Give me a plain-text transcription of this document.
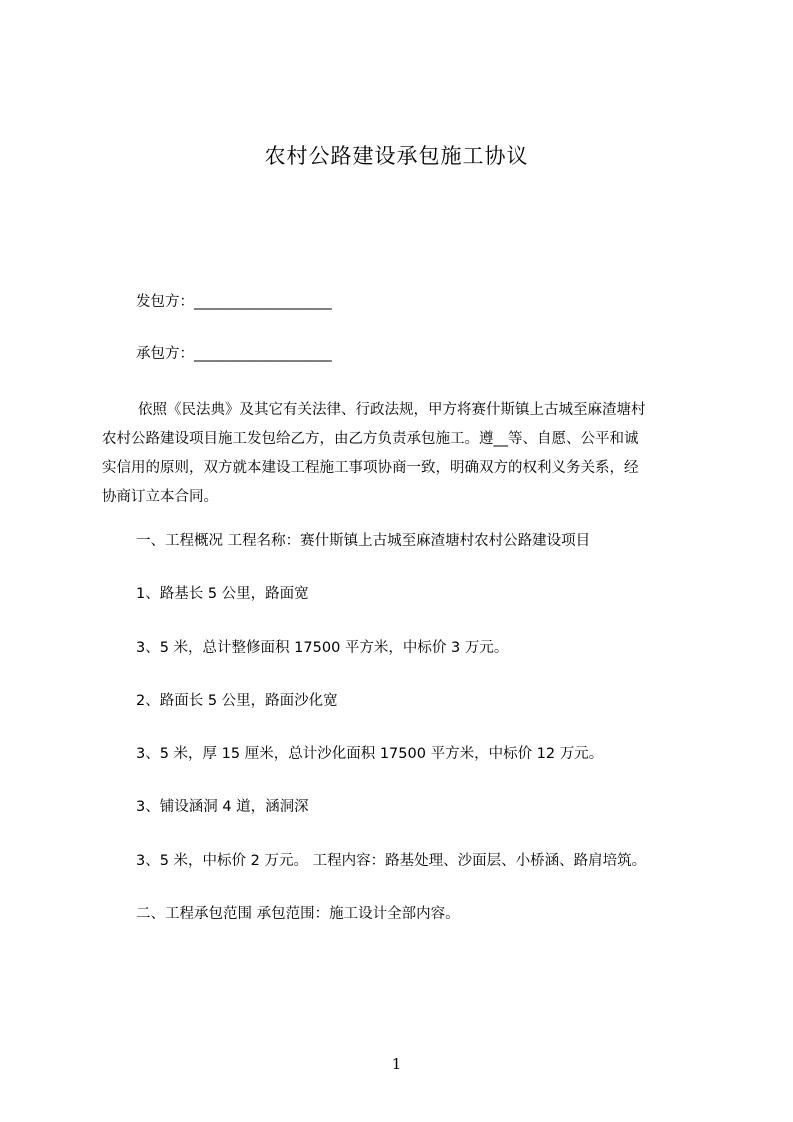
农村公路建设承包施工协议
发包方：___________________
承包方：___________________
依照《民法典》及其它有关法律、行政法规，甲方将赛什斯镇上古城至麻渣塘村
农村公路建设项目施工发包给乙方，由乙方负责承包施工。遵__等、自愿、公平和诚
实信用的原则，双方就本建设工程施工事项协商一致，明确双方的权利义务关系，经
协商订立本合同。
一、工程概况 工程名称：赛什斯镇上古城至麻渣塘村农村公路建设项目
1、路基长 5 公里，路面宽
3、5 米，总计整修面积 17500 平方米，中标价 3 万元。
2、路面长 5 公里，路面沙化宽
3、5 米，厚 15 厘米，总计沙化面积 17500 平方米，中标价 12 万元。
3、铺设涵洞 4 道，涵洞深
3、5 米，中标价 2 万元。 工程内容：路基处理、沙面层、小桥涵、路肩培筑。
二、工程承包范围 承包范围：施工设计全部内容。
1
